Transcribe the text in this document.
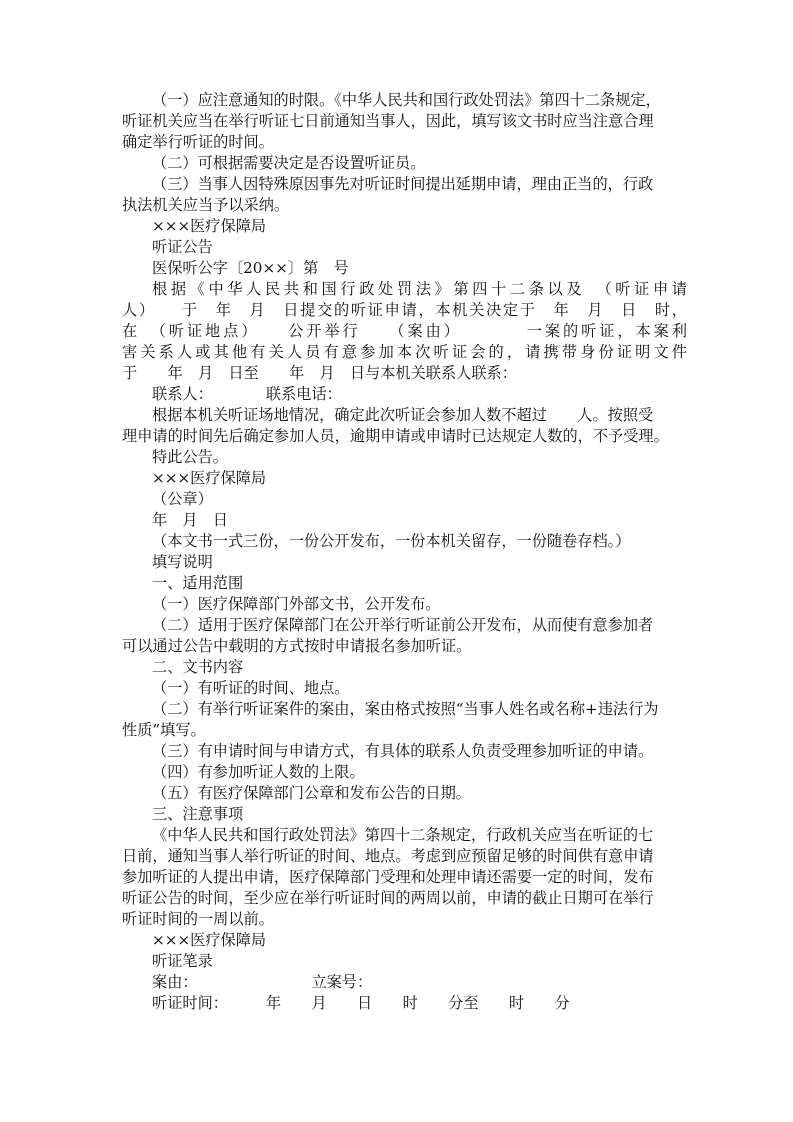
（一）应注意通知的时限。《中华人民共和国行政处罚法》第四十二条规定，
听证机关应当在举行听证七日前通知当事人，因此，填写该文书时应当注意合理
确定举行听证的时间。
（二）可根据需要决定是否设置听证员。
（三）当事人因特殊原因事先对听证时间提出延期申请，理由正当的，行政
执法机关应当予以采纳。
×××医疗保障局
听证公告
医保听公字〔20××〕第　号
根据《中华人民共和国行政处罚法》第四十二条以及　（听证申请
人）　　于　年　月　日提交的听证申请，本机关决定于　年　月　日　时，
在　（听证地点）　　公开举行　　（案由）　　　　一案的听证，本案利
害关系人或其他有关人员有意参加本次听证会的，请携带身份证明文件
于　　年　月　日至　　年　月　日与本机关联系人联系：
联系人：　　　　联系电话：
根据本机关听证场地情况，确定此次听证会参加人数不超过　　人。按照受
理申请的时间先后确定参加人员，逾期申请或申请时已达规定人数的，不予受理。
特此公告。
×××医疗保障局
（公章）
年　月　日
（本文书一式三份，一份公开发布，一份本机关留存，一份随卷存档。）
填写说明
一、适用范围
（一）医疗保障部门外部文书，公开发布。
（二）适用于医疗保障部门在公开举行听证前公开发布，从而使有意参加者
可以通过公告中载明的方式按时申请报名参加听证。
二、文书内容
（一）有听证的时间、地点。
（二）有举行听证案件的案由，案由格式按照“当事人姓名或名称+违法行为
性质”填写。
（三）有申请时间与申请方式，有具体的联系人负责受理参加听证的申请。
（四）有参加听证人数的上限。
（五）有医疗保障部门公章和发布公告的日期。
三、注意事项
《中华人民共和国行政处罚法》第四十二条规定，行政机关应当在听证的七
日前，通知当事人举行听证的时间、地点。考虑到应预留足够的时间供有意申请
参加听证的人提出申请，医疗保障部门受理和处理申请还需要一定的时间，发布
听证公告的时间，至少应在举行听证时间的两周以前，申请的截止日期可在举行
听证时间的一周以前。
×××医疗保障局
听证笔录
案由：　　　　　　　　立案号：
听证时间：　　　年　　月　　日　　时　　分至　　时　　分
